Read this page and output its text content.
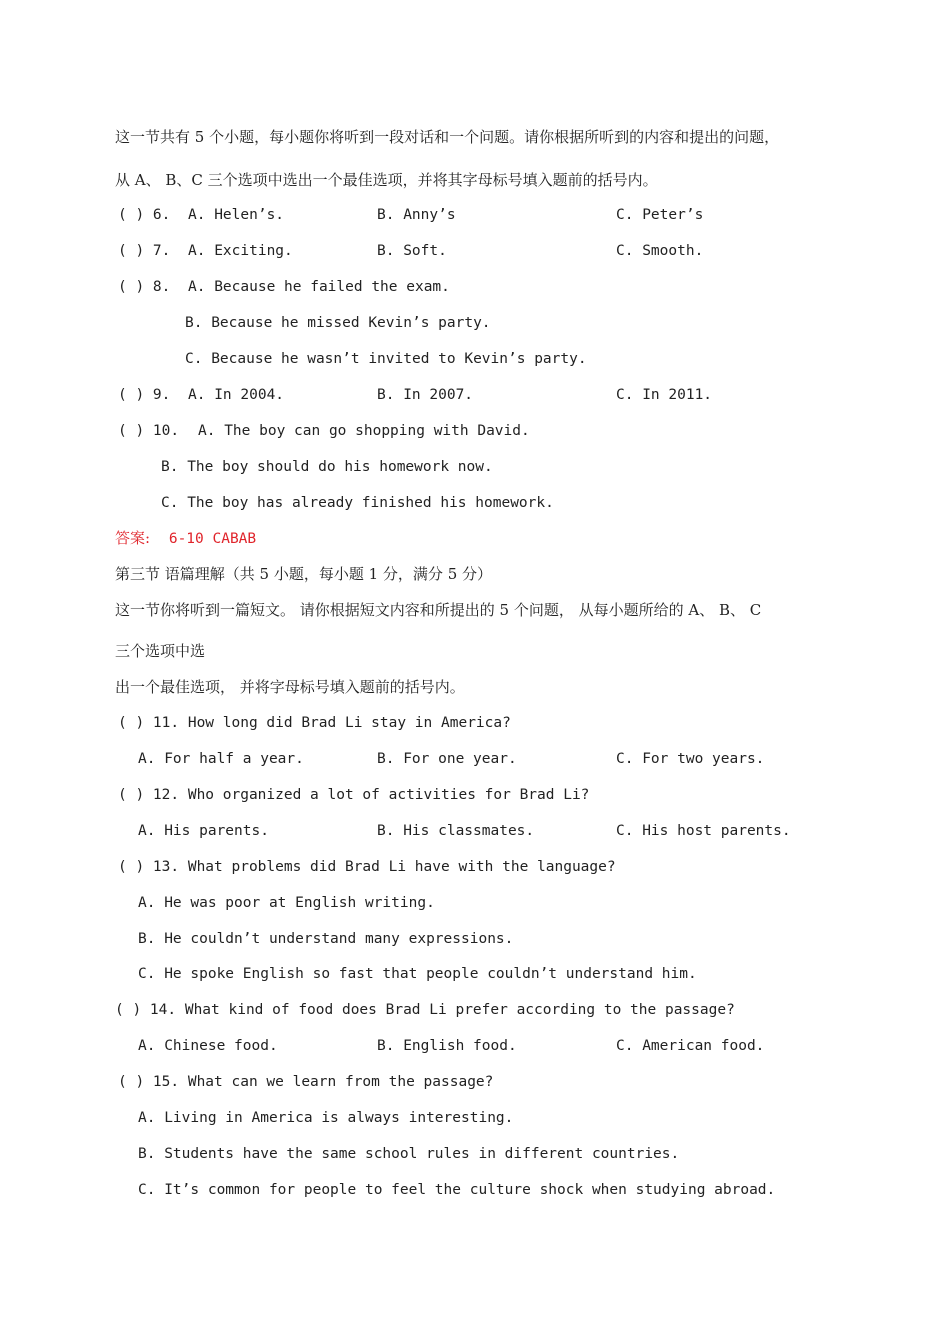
这一节共有 5 个小题，每小题你将听到一段对话和一个问题。请你根据所听到的内容和提出的问题，
从 A、 B、C 三个选项中选出一个最佳选项，并将其字母标号填入题前的括号内。
( ) 6. A. Helen’s.	B. Anny’s	C. Peter’s
( ) 7. A. Exciting.	B. Soft.	C. Smooth.
( ) 8. A. Because he failed the exam.
B. Because he missed Kevin’s party.
C. Because he wasn’t invited to Kevin’s party.
( ) 9. A. In 2004.	B. In 2007.	C. In 2011.
( ) 10. A. The boy can go shopping with David.
B. The boy should do his homework now.
C. The boy has already finished his homework.
答案: 6-10 CABAB
第三节 语篇理解（共 5 小题，每小题 1 分，满分 5 分）
这一节你将听到一篇短文。 请你根据短文内容和所提出的 5 个问题， 从每小题所给的 A、 B、 C
三个选项中选
出一个最佳选项， 并将字母标号填入题前的括号内。
( ) 11. How long did Brad Li stay in America?
A. For half a year.	B. For one year.	C. For two years.
( ) 12. Who organized a lot of activities for Brad Li?
A. His parents.	B. His classmates.	C. His host parents.
( ) 13. What problems did Brad Li have with the language?
A. He was poor at English writing.
B. He couldn’t understand many expressions.
C. He spoke English so fast that people couldn’t understand him.
( ) 14. What kind of food does Brad Li prefer according to the passage?
A. Chinese food.	B. English food.	C. American food.
( ) 15. What can we learn from the passage?
A. Living in America is always interesting.
B. Students have the same school rules in different countries.
C. It’s common for people to feel the culture shock when studying abroad.
